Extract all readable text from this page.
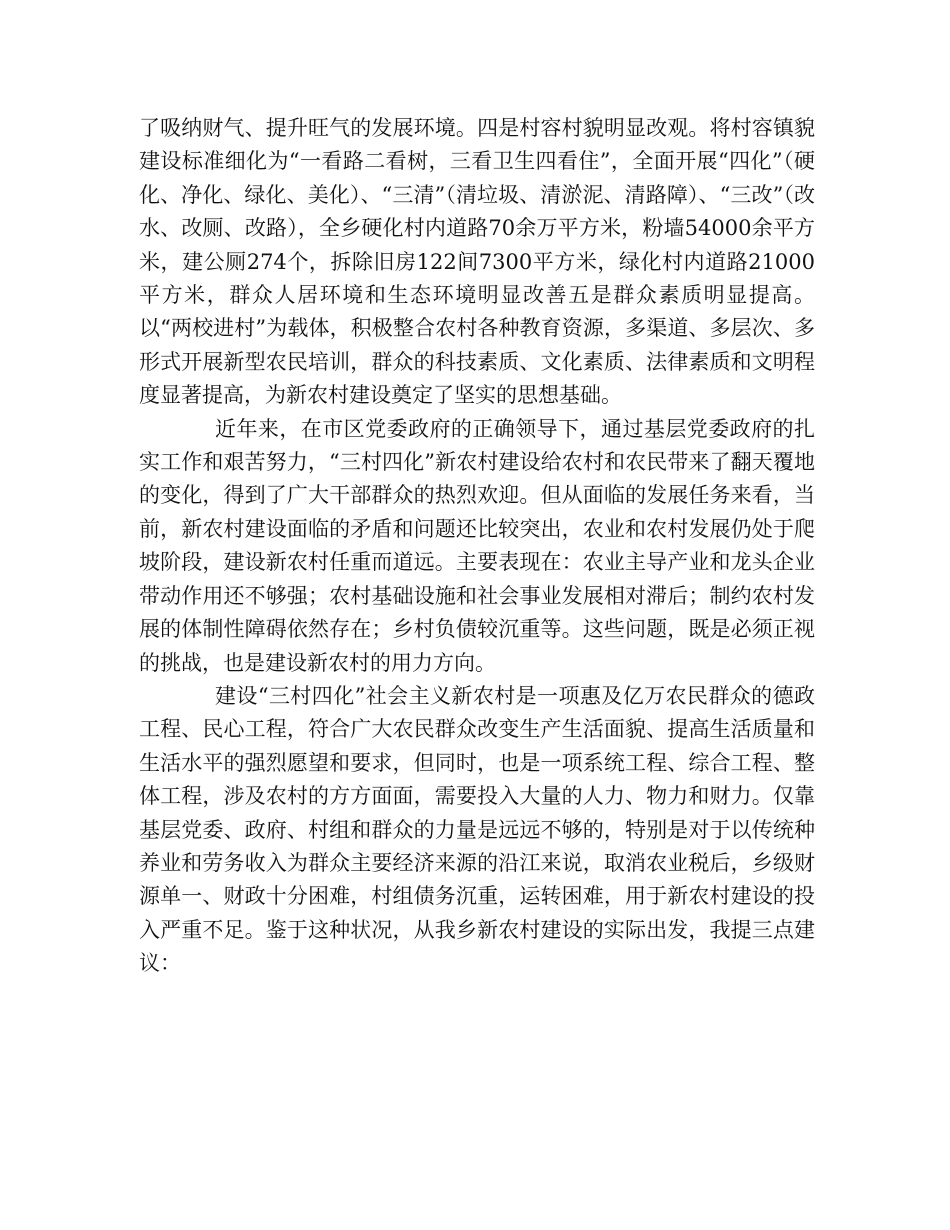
了吸纳财气、提升旺气的发展环境。四是村容村貌明显改观。将村容镇貌建设标准细化为“一看路二看树，三看卫生四看住”，全面开展“四化”（硬化、净化、绿化、美化）、“三清”（清垃圾、清淤泥、清路障）、“三改”（改水、改厕、改路），全乡硬化村内道路70余万平方米，粉墙54000余平方米，建公厕274个，拆除旧房122间7300平方米，绿化村内道路21000平方米，群众人居环境和生态环境明显改善五是群众素质明显提高。以“两校进村”为载体，积极整合农村各种教育资源，多渠道、多层次、多形式开展新型农民培训，群众的科技素质、文化素质、法律素质和文明程度显著提高，为新农村建设奠定了坚实的思想基础。

近年来，在市区党委政府的正确领导下，通过基层党委政府的扎实工作和艰苦努力，“三村四化”新农村建设给农村和农民带来了翻天覆地的变化，得到了广大干部群众的热烈欢迎。但从面临的发展任务来看，当前，新农村建设面临的矛盾和问题还比较突出，农业和农村发展仍处于爬坡阶段，建设新农村任重而道远。主要表现在：农业主导产业和龙头企业带动作用还不够强；农村基础设施和社会事业发展相对滞后；制约农村发展的体制性障碍依然存在；乡村负债较沉重等。这些问题，既是必须正视的挑战，也是建设新农村的用力方向。

建设“三村四化”社会主义新农村是一项惠及亿万农民群众的德政工程、民心工程，符合广大农民群众改变生产生活面貌、提高生活质量和生活水平的强烈愿望和要求，但同时，也是一项系统工程、综合工程、整体工程，涉及农村的方方面面，需要投入大量的人力、物力和财力。仅靠基层党委、政府、村组和群众的力量是远远不够的，特别是对于以传统种养业和劳务收入为群众主要经济来源的沿江来说，取消农业税后，乡级财源单一、财政十分困难，村组债务沉重，运转困难，用于新农村建设的投入严重不足。鉴于这种状况，从我乡新农村建设的实际出发，我提三点建议：
